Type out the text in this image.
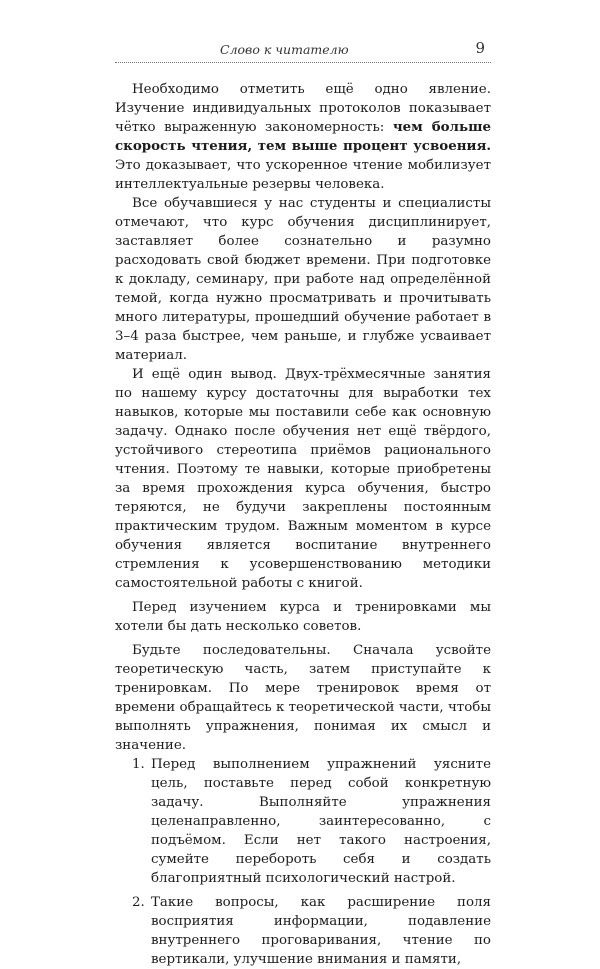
Слово к читателю	9

Необходимо отметить ещё одно явление. Изучение индивидуальных протоколов показывает чётко выраженную закономерность: чем больше скорость чтения, тем выше процент усвоения. Это доказывает, что ускоренное чтение мобилизует интеллектуальные резервы человека.

Все обучавшиеся у нас студенты и специалисты отмечают, что курс обучения дисциплинирует, заставляет более сознательно и разумно расходовать свой бюджет времени. При подготовке к докладу, семинару, при работе над определённой темой, когда нужно просматривать и прочитывать много литературы, прошедший обучение работает в 3–4 раза быстрее, чем раньше, и глубже усваивает материал.

И ещё один вывод. Двух-трёхмесячные занятия по нашему курсу достаточны для выработки тех навыков, которые мы поставили себе как основную задачу. Однако после обучения нет ещё твёрдого, устойчивого стереотипа приёмов рационального чтения. Поэтому те навыки, которые приобретены за время прохождения курса обучения, быстро теряются, не будучи закреплены постоянным практическим трудом. Важным моментом в курсе обучения является воспитание внутреннего стремления к усовершенствованию методики самостоятельной работы с книгой.

Перед изучением курса и тренировками мы хотели бы дать несколько советов.

Будьте последовательны. Сначала усвойте теоретическую часть, затем приступайте к тренировкам. По мере тренировок время от времени обращайтесь к теоретической части, чтобы выполнять упражнения, понимая их смысл и значение.

1. Перед выполнением упражнений уясните цель, поставьте перед собой конкретную задачу. Выполняйте упражнения целенаправленно, заинтересованно, с подъёмом. Если нет такого настроения, сумейте перебороть себя и создать благоприятный психологический настрой.
2. Такие вопросы, как расширение поля восприятия информации, подавление внутреннего проговаривания, чтение по вертикали, улучшение внимания и памяти,
